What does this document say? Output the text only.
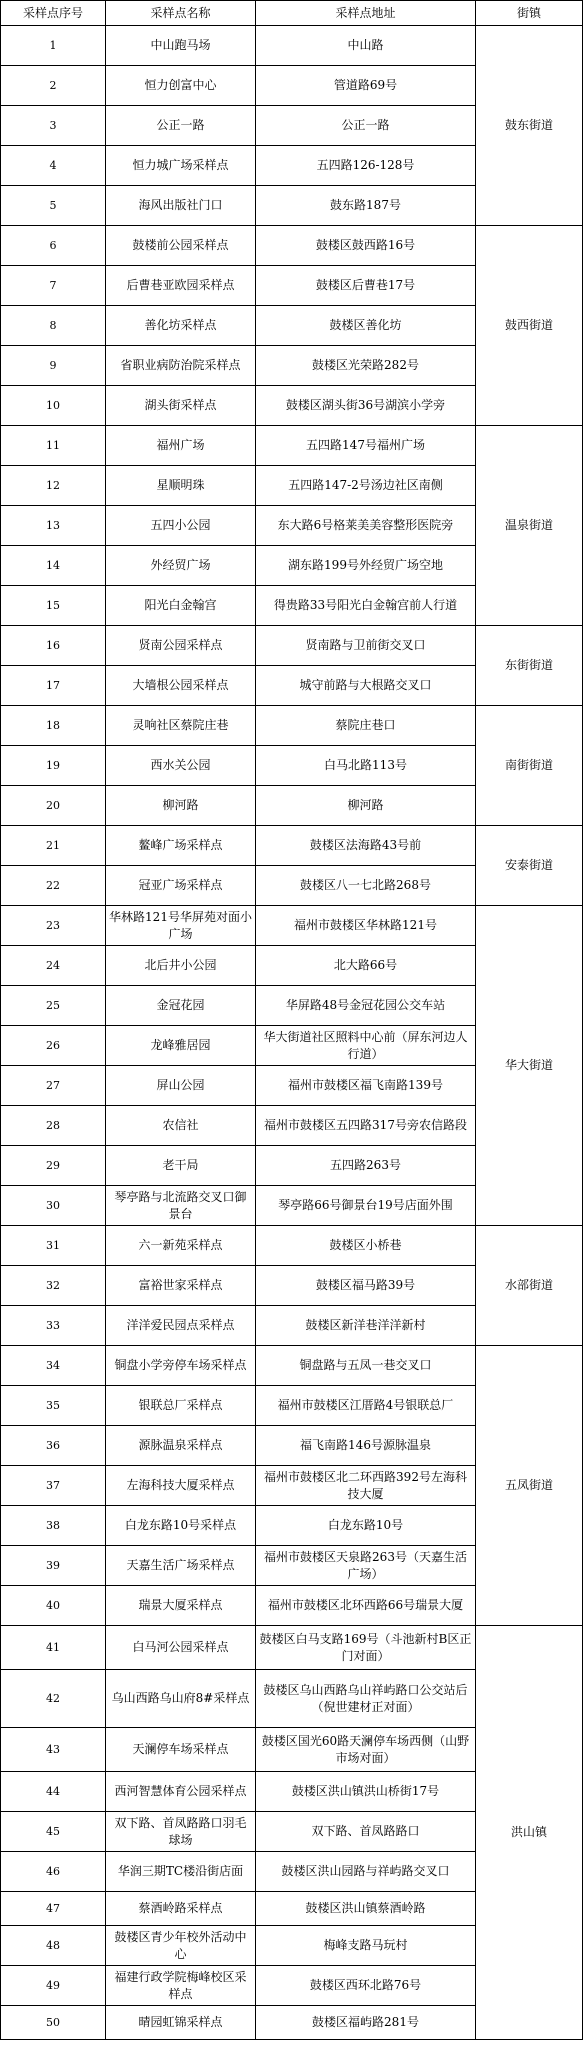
采样点序号	采样点名称	采样点地址	街镇
1	中山跑马场	中山路	鼓东街道
2	恒力创富中心	管道路69号	
3	公正一路	公正一路	
4	恒力城广场采样点	五四路126-128号	
5	海风出版社门口	鼓东路187号	
6	鼓楼前公园采样点	鼓楼区鼓西路16号	鼓西街道
7	后曹巷亚欧园采样点	鼓楼区后曹巷17号	
8	善化坊采样点	鼓楼区善化坊	
9	省职业病防治院采样点	鼓楼区光荣路282号	
10	湖头街采样点	鼓楼区湖头街36号湖滨小学旁	
11	福州广场	五四路147号福州广场	温泉街道
12	星顺明珠	五四路147-2号汤边社区南侧	
13	五四小公园	东大路6号格莱美美容整形医院旁	
14	外经贸广场	湖东路199号外经贸广场空地	
15	阳光白金翰宫	得贵路33号阳光白金翰宫前人行道	
16	贤南公园采样点	贤南路与卫前街交叉口	东街街道
17	大墙根公园采样点	城守前路与大根路交叉口	
18	灵响社区蔡院庄巷	蔡院庄巷口	南街街道
19	西水关公园	白马北路113号	
20	柳河路	柳河路	
21	鳌峰广场采样点	鼓楼区法海路43号前	安泰街道
22	冠亚广场采样点	鼓楼区八一七北路268号	
23	华林路121号华屏苑对面小广场	福州市鼓楼区华林路121号	华大街道
24	北后井小公园	北大路66号	
25	金冠花园	华屏路48号金冠花园公交车站	
26	龙峰雅居园	华大街道社区照料中心前（屏东河边人行道）	
27	屏山公园	福州市鼓楼区福飞南路139号	
28	农信社	福州市鼓楼区五四路317号旁农信路段	
29	老干局	五四路263号	
30	琴亭路与北流路交叉口御景台	琴亭路66号御景台19号店面外围	
31	六一新苑采样点	鼓楼区小桥巷	水部街道
32	富裕世家采样点	鼓楼区福马路39号	
33	洋洋爱民园点采样点	鼓楼区新洋巷洋洋新村	
34	铜盘小学旁停车场采样点	铜盘路与五凤一巷交叉口	五凤街道
35	银联总厂采样点	福州市鼓楼区江厝路4号银联总厂	
36	源脉温泉采样点	福飞南路146号源脉温泉	
37	左海科技大厦采样点	福州市鼓楼区北二环西路392号左海科技大厦	
38	白龙东路10号采样点	白龙东路10号	
39	天嘉生活广场采样点	福州市鼓楼区天泉路263号（天嘉生活广场）	
40	瑞景大厦采样点	福州市鼓楼区北环西路66号瑞景大厦	
41	白马河公园采样点	鼓楼区白马支路169号（斗池新村B区正门对面）	洪山镇
42	乌山西路乌山府8#采样点	鼓楼区乌山西路乌山祥屿路口公交站后（倪世建材正对面）	
43	天澜停车场采样点	鼓楼区国光60路天澜停车场西侧（山野市场对面）	
44	西河智慧体育公园采样点	鼓楼区洪山镇洪山桥街17号	
45	双下路、首凤路路口羽毛球场	双下路、首凤路路口	
46	华润三期TC楼沿街店面	鼓楼区洪山园路与祥屿路交叉口	
47	蔡酒岭路采样点	鼓楼区洪山镇蔡酒岭路	
48	鼓楼区青少年校外活动中心	梅峰支路马玩村	
49	福建行政学院梅峰校区采样点	鼓楼区西环北路76号	
50	晴园虹锦采样点	鼓楼区福屿路281号	
